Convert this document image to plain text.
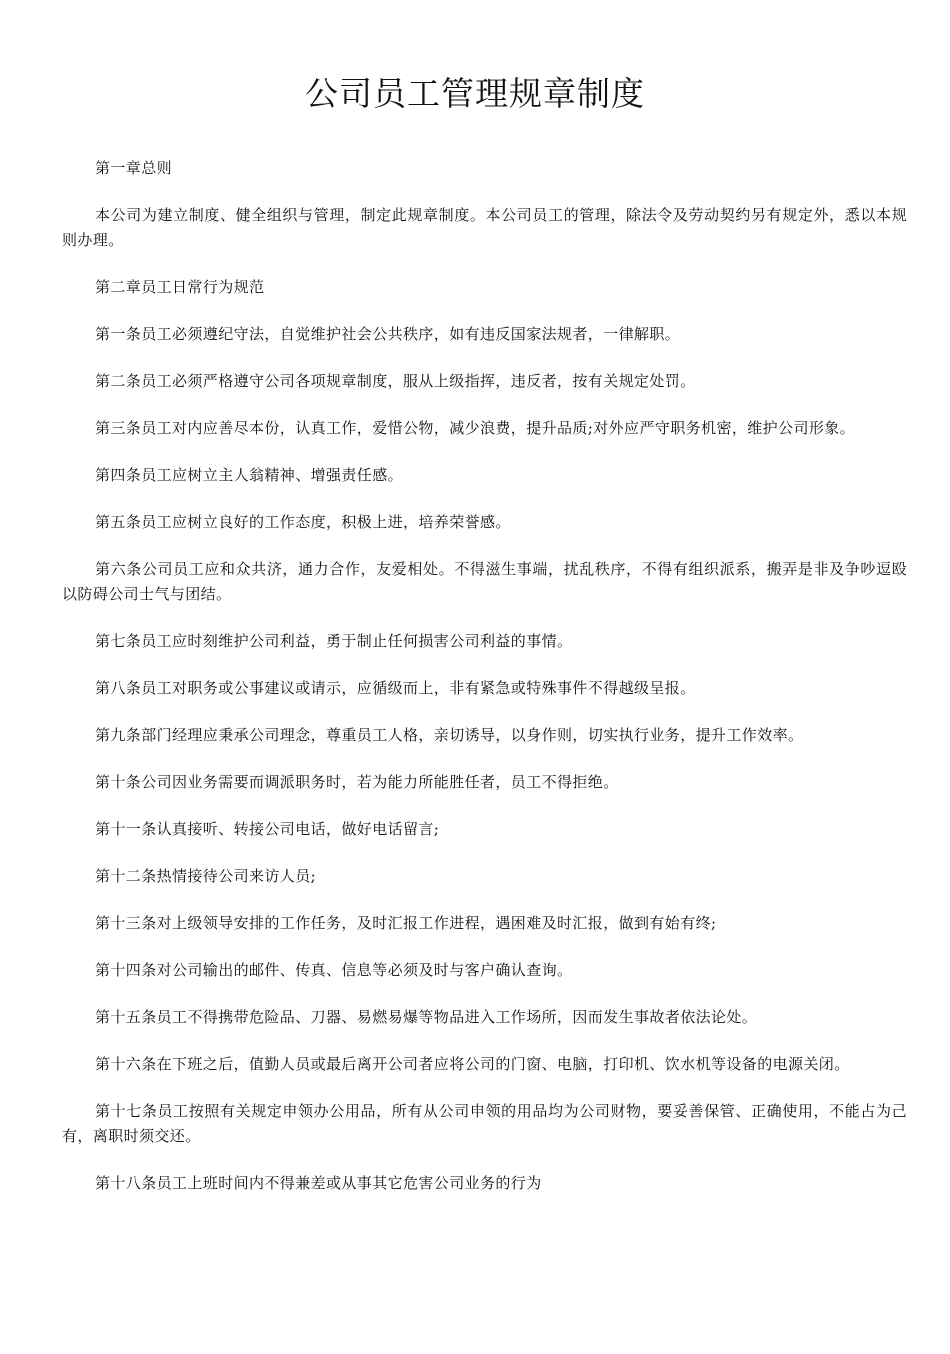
公司员工管理规章制度

第一章总则

本公司为建立制度、健全组织与管理，制定此规章制度。本公司员工的管理，除法令及劳动契约另有规定外，悉以本规则办理。

第二章员工日常行为规范

第一条员工必须遵纪守法，自觉维护社会公共秩序，如有违反国家法规者，一律解职。

第二条员工必须严格遵守公司各项规章制度，服从上级指挥，违反者，按有关规定处罚。

第三条员工对内应善尽本份，认真工作，爱惜公物，减少浪费，提升品质;对外应严守职务机密，维护公司形象。

第四条员工应树立主人翁精神、增强责任感。

第五条员工应树立良好的工作态度，积极上进，培养荣誉感。

第六条公司员工应和众共济，通力合作，友爱相处。不得滋生事端，扰乱秩序，不得有组织派系，搬弄是非及争吵逗殴以防碍公司士气与团结。

第七条员工应时刻维护公司利益，勇于制止任何损害公司利益的事情。

第八条员工对职务或公事建议或请示，应循级而上，非有紧急或特殊事件不得越级呈报。

第九条部门经理应秉承公司理念，尊重员工人格，亲切诱导，以身作则，切实执行业务，提升工作效率。

第十条公司因业务需要而调派职务时，若为能力所能胜任者，员工不得拒绝。

第十一条认真接听、转接公司电话，做好电话留言;

第十二条热情接待公司来访人员;

第十三条对上级领导安排的工作任务，及时汇报工作进程，遇困难及时汇报，做到有始有终;

第十四条对公司输出的邮件、传真、信息等必须及时与客户确认查询。

第十五条员工不得携带危险品、刀器、易燃易爆等物品进入工作场所，因而发生事故者依法论处。

第十六条在下班之后，值勤人员或最后离开公司者应将公司的门窗、电脑，打印机、饮水机等设备的电源关闭。

第十七条员工按照有关规定申领办公用品，所有从公司申领的用品均为公司财物，要妥善保管、正确使用，不能占为己有，离职时须交还。

第十八条员工上班时间内不得兼差或从事其它危害公司业务的行为
